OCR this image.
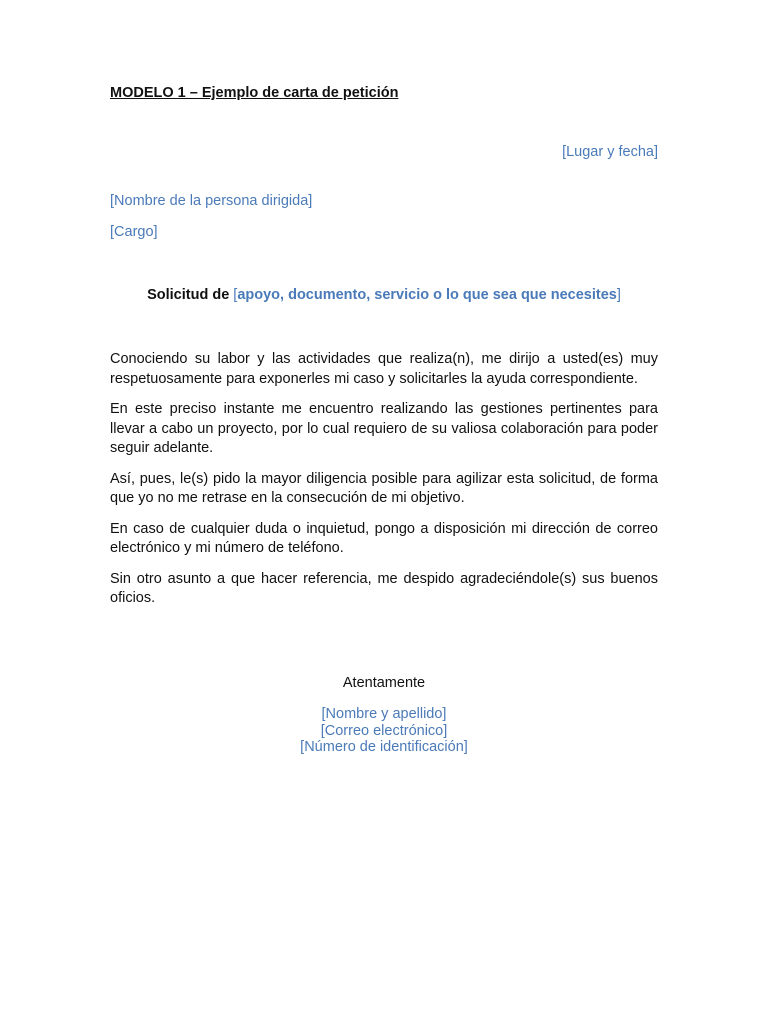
MODELO 1 – Ejemplo de carta de petición
[Lugar y fecha]
[Nombre de la persona dirigida]
[Cargo]
Solicitud de [apoyo, documento, servicio o lo que sea que necesites]

Conociendo su labor y las actividades que realiza(n), me dirijo a usted(es) muy respetuosamente para exponerles mi caso y solicitarles la ayuda correspondiente.

En este preciso instante me encuentro realizando las gestiones pertinentes para llevar a cabo un proyecto, por lo cual requiero de su valiosa colaboración para poder seguir adelante.

Así, pues, le(s) pido la mayor diligencia posible para agilizar esta solicitud, de forma que yo no me retrase en la consecución de mi objetivo.

En caso de cualquier duda o inquietud, pongo a disposición mi dirección de correo electrónico y mi número de teléfono.

Sin otro asunto a que hacer referencia, me despido agradeciéndole(s) sus buenos oficios.

Atentamente
[Nombre y apellido]
[Correo electrónico]
[Número de identificación]
